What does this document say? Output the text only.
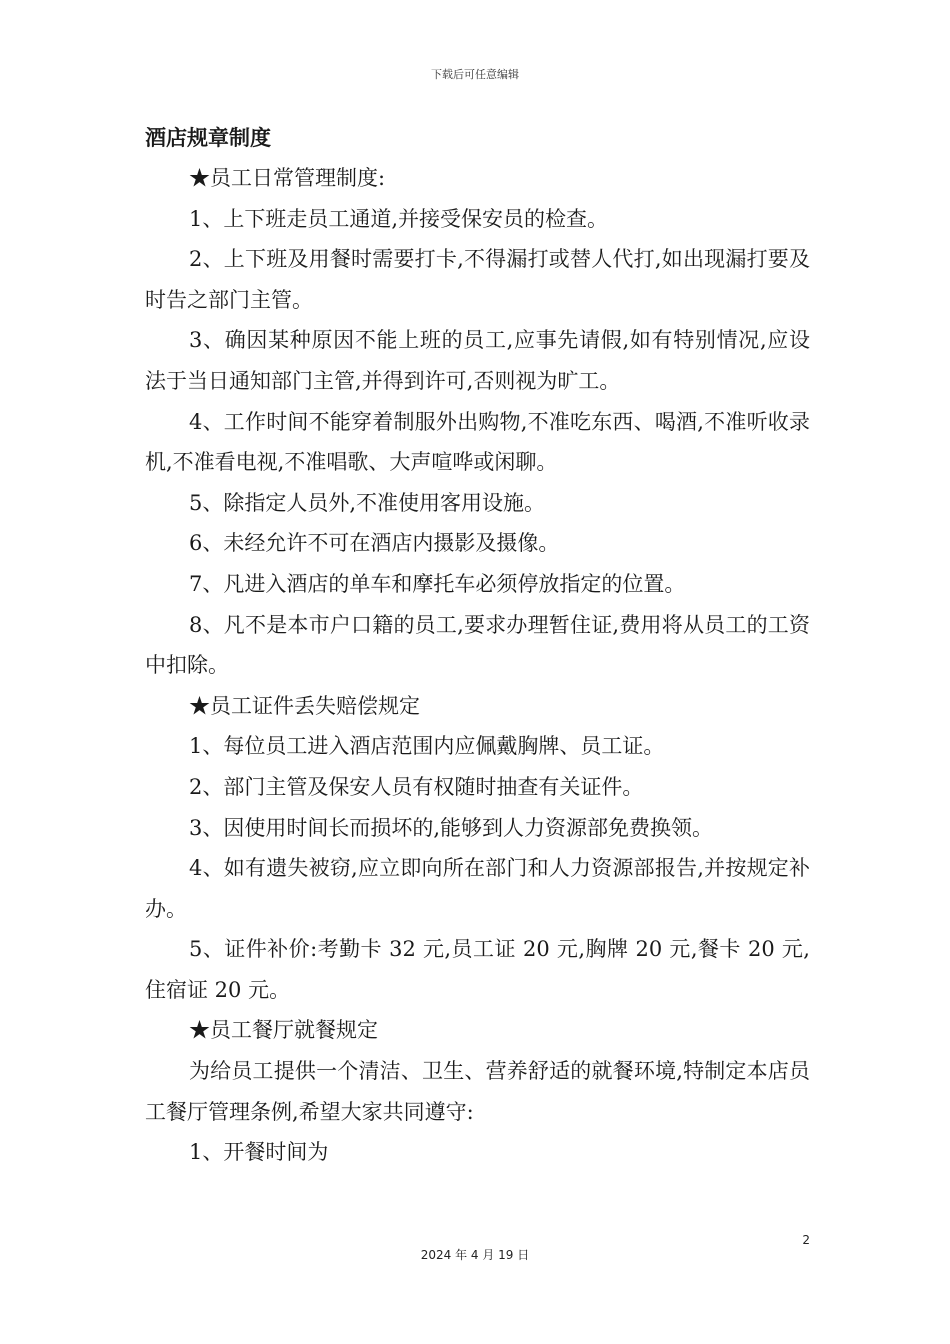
下载后可任意编辑

酒店规章制度

★员工日常管理制度:

1、上下班走员工通道,并接受保安员的检查。

2、上下班及用餐时需要打卡,不得漏打或替人代打,如出现漏打要及时告之部门主管。

3、确因某种原因不能上班的员工,应事先请假,如有特别情况,应设法于当日通知部门主管,并得到许可,否则视为旷工。

4、工作时间不能穿着制服外出购物,不准吃东西、喝酒,不准听收录机,不准看电视,不准唱歌、大声喧哗或闲聊。

5、除指定人员外,不准使用客用设施。

6、未经允许不可在酒店内摄影及摄像。

7、凡进入酒店的单车和摩托车必须停放指定的位置。

8、凡不是本市户口籍的员工,要求办理暂住证,费用将从员工的工资中扣除。

★员工证件丢失赔偿规定

1、每位员工进入酒店范围内应佩戴胸牌、员工证。

2、部门主管及保安人员有权随时抽查有关证件。

3、因使用时间长而损坏的,能够到人力资源部免费换领。

4、如有遗失被窃,应立即向所在部门和人力资源部报告,并按规定补办。

5、证件补价:考勤卡 32 元,员工证 20 元,胸牌 20 元,餐卡 20 元,住宿证 20 元。

★员工餐厅就餐规定

为给员工提供一个清洁、卫生、营养舒适的就餐环境,特制定本店员工餐厅管理条例,希望大家共同遵守:

1、开餐时间为

2
2024 年 4 月 19 日
